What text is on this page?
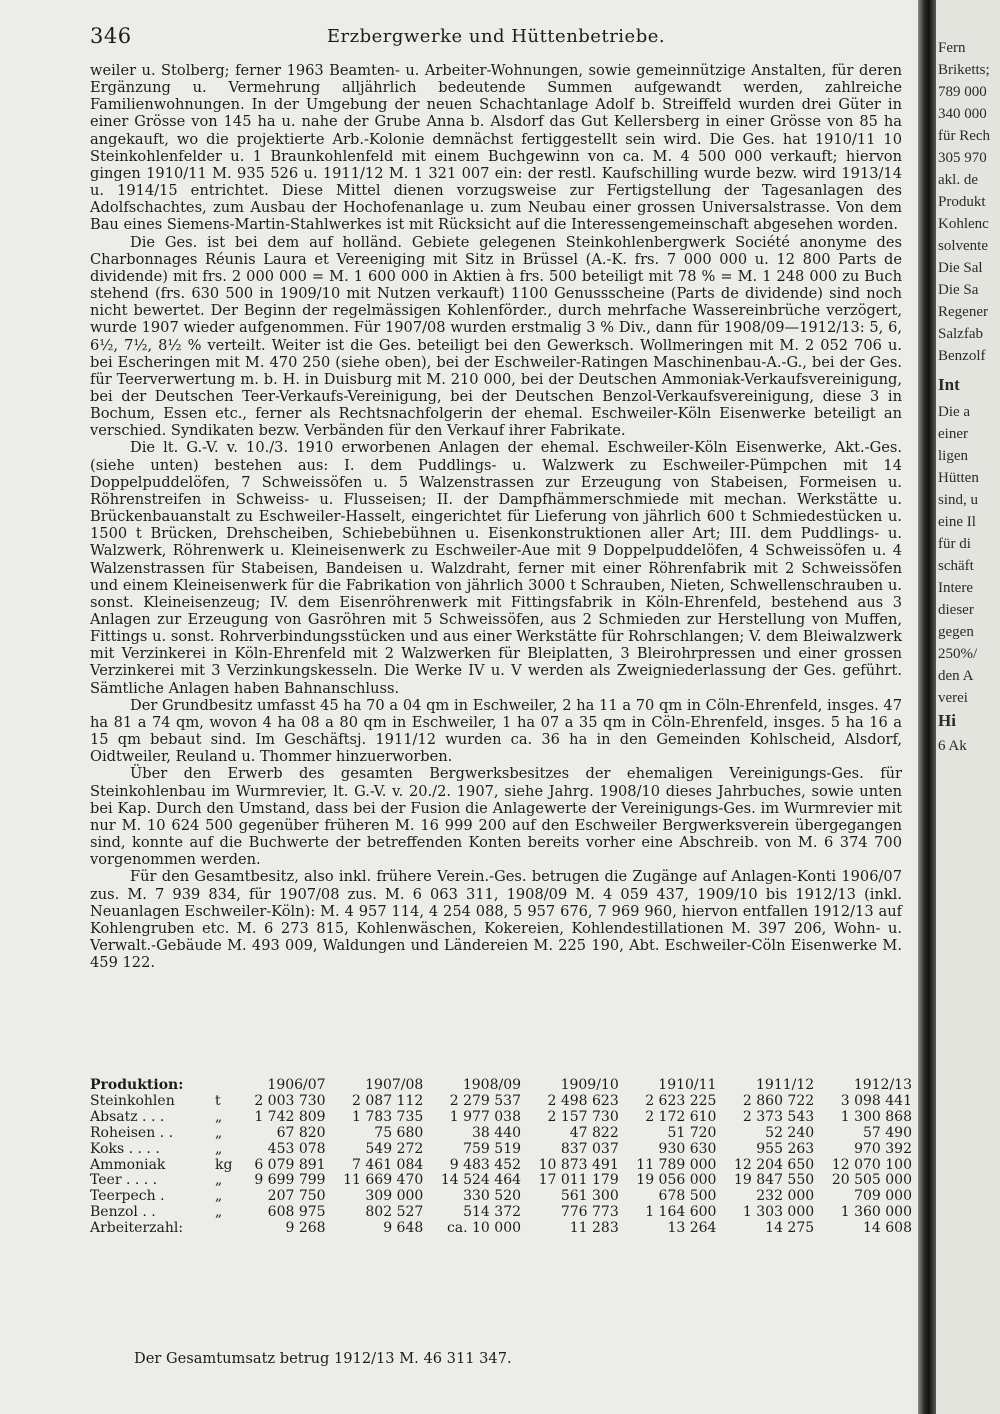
346	Erzbergwerke und Hüttenbetriebe.

weiler u. Stolberg; ferner 1963 Beamten- u. Arbeiter-Wohnungen, sowie gemeinnützige Anstalten, für deren Ergänzung u. Vermehrung alljährlich bedeutende Summen aufgewandt werden, zahlreiche Familienwohnungen. In der Umgebung der neuen Schachtanlage Adolf b. Streiffeld wurden drei Güter in einer Grösse von 145 ha u. nahe der Grube Anna b. Alsdorf das Gut Kellersberg in einer Grösse von 85 ha angekauft, wo die projektierte Arb.-Kolonie demnächst fertiggestellt sein wird. Die Ges. hat 1910/11 10 Steinkohlenfelder u. 1 Braunkohlenfeld mit einem Buchgewinn von ca. M. 4 500 000 verkauft; hiervon gingen 1910/11 M. 935 526 u. 1911/12 M. 1 321 007 ein: der restl. Kaufschilling wurde bezw. wird 1913/14 u. 1914/15 entrichtet. Diese Mittel dienen vorzugsweise zur Fertigstellung der Tagesanlagen des Adolfschachtes, zum Ausbau der Hochofenanlage u. zum Neubau einer grossen Universalstrasse. Von dem Bau eines Siemens-Martin-Stahlwerkes ist mit Rücksicht auf die Interessengemeinschaft abgesehen worden.

Die Ges. ist bei dem auf holländ. Gebiete gelegenen Steinkohlenbergwerk Société anonyme des Charbonnages Réunis Laura et Vereeniging mit Sitz in Brüssel (A.-K. frs. 7 000 000 u. 12 800 Parts de dividende) mit frs. 2 000 000 = M. 1 600 000 in Aktien à frs. 500 beteiligt mit 78 % = M. 1 248 000 zu Buch stehend (frs. 630 500 in 1909/10 mit Nutzen verkauft) 1100 Genussscheine (Parts de dividende) sind noch nicht bewertet. Der Beginn der regelmässigen Kohlenförder., durch mehrfache Wassereinbrüche verzögert, wurde 1907 wieder aufgenommen. Für 1907/08 wurden erstmalig 3 % Div., dann für 1908/09—1912/13: 5, 6, 6½, 7½, 8½ % verteilt. Weiter ist die Ges. beteiligt bei den Gewerksch. Wollmeringen mit M. 2 052 706 u. bei Escheringen mit M. 470 250 (siehe oben), bei der Eschweiler-Ratingen Maschinenbau-A.-G., bei der Ges. für Teerverwertung m. b. H. in Duisburg mit M. 210 000, bei der Deutschen Ammoniak-Verkaufsvereinigung, bei der Deutschen Teer-Verkaufs-Vereinigung, bei der Deutschen Benzol-Verkaufsvereinigung, diese 3 in Bochum, Essen etc., ferner als Rechtsnachfolgerin der ehemal. Eschweiler-Köln Eisenwerke beteiligt an verschied. Syndikaten bezw. Verbänden für den Verkauf ihrer Fabrikate.

Die lt. G.-V. v. 10./3. 1910 erworbenen Anlagen der ehemal. Eschweiler-Köln Eisenwerke, Akt.-Ges. (siehe unten) bestehen aus: I. dem Puddlings- u. Walzwerk zu Eschweiler-Pümpchen mit 14 Doppelpuddelöfen, 7 Schweissöfen u. 5 Walzenstrassen zur Erzeugung von Stabeisen, Formeisen u. Röhrenstreifen in Schweiss- u. Flusseisen; II. der Dampfhämmerschmiede mit mechan. Werkstätte u. Brückenbauanstalt zu Eschweiler-Hasselt, eingerichtet für Lieferung von jährlich 600 t Schmiedestücken u. 1500 t Brücken, Drehscheiben, Schiebebühnen u. Eisenkonstruktionen aller Art; III. dem Puddlings- u. Walzwerk, Röhrenwerk u. Kleineisenwerk zu Eschweiler-Aue mit 9 Doppelpuddelöfen, 4 Schweissöfen u. 4 Walzenstrassen für Stabeisen, Bandeisen u. Walzdraht, ferner mit einer Röhrenfabrik mit 2 Schweissöfen und einem Kleineisenwerk für die Fabrikation von jährlich 3000 t Schrauben, Nieten, Schwellenschrauben u. sonst. Kleineisenzeug; IV. dem Eisenröhrenwerk mit Fittingsfabrik in Köln-Ehrenfeld, bestehend aus 3 Anlagen zur Erzeugung von Gasröhren mit 5 Schweissöfen, aus 2 Schmieden zur Herstellung von Muffen, Fittings u. sonst. Rohrverbindungsstücken und aus einer Werkstätte für Rohrschlangen; V. dem Bleiwalzwerk mit Verzinkerei in Köln-Ehrenfeld mit 2 Walzwerken für Bleiplatten, 3 Bleirohrpressen und einer grossen Verzinkerei mit 3 Verzinkungskesseln. Die Werke IV u. V werden als Zweigniederlassung der Ges. geführt. Sämtliche Anlagen haben Bahnanschluss.

Der Grundbesitz umfasst 45 ha 70 a 04 qm in Eschweiler, 2 ha 11 a 70 qm in Cöln-Ehrenfeld, insges. 47 ha 81 a 74 qm, wovon 4 ha 08 a 80 qm in Eschweiler, 1 ha 07 a 35 qm in Cöln-Ehrenfeld, insges. 5 ha 16 a 15 qm bebaut sind. Im Geschäftsj. 1911/12 wurden ca. 36 ha in den Gemeinden Kohlscheid, Alsdorf, Oidtweiler, Reuland u. Thommer hinzuerworben.

Über den Erwerb des gesamten Bergwerksbesitzes der ehemaligen Vereinigungs-Ges. für Steinkohlenbau im Wurmrevier, lt. G.-V. v. 20./2. 1907, siehe Jahrg. 1908/10 dieses Jahrbuches, sowie unten bei Kap. Durch den Umstand, dass bei der Fusion die Anlagewerte der Vereinigungs-Ges. im Wurmrevier mit nur M. 10 624 500 gegenüber früheren M. 16 999 200 auf den Eschweiler Bergwerksverein übergegangen sind, konnte auf die Buchwerte der betreffenden Konten bereits vorher eine Abschreib. von M. 6 374 700 vorgenommen werden.

Für den Gesamtbesitz, also inkl. frühere Verein.-Ges. betrugen die Zugänge auf Anlagen-Konti 1906/07 zus. M. 7 939 834, für 1907/08 zus. M. 6 063 311, 1908/09 M. 4 059 437, 1909/10 bis 1912/13 (inkl. Neuanlagen Eschweiler-Köln): M. 4 957 114, 4 254 088, 5 957 676, 7 969 960, hiervon entfallen 1912/13 auf Kohlengruben etc. M. 6 273 815, Kohlenwäschen, Kokereien, Kohlendestillationen M. 397 206, Wohn- u. Verwalt.-Gebäude M. 493 009, Waldungen und Ländereien M. 225 190, Abt. Eschweiler-Cöln Eisenwerke M. 459 122.

Produktion:		1906/07	1907/08	1908/09	1909/10	1910/11	1911/12	1912/13
Steinkohlen	t	2 003 730	2 087 112	2 279 537	2 498 623	2 623 225	2 860 722	3 098 441
Absatz . . .	„	1 742 809	1 783 735	1 977 038	2 157 730	2 172 610	2 373 543	1 300 868
Roheisen . .	„	67 820	75 680	38 440	47 822	51 720	52 240	57 490
Koks . . . .	„	453 078	549 272	759 519	837 037	930 630	955 263	970 392
Ammoniak	kg	6 079 891	7 461 084	9 483 452	10 873 491	11 789 000	12 204 650	12 070 100
Teer . . . .	„	9 699 799	11 669 470	14 524 464	17 011 179	19 056 000	19 847 550	20 505 000
Teerpech .	„	207 750	309 000	330 520	561 300	678 500	232 000	709 000
Benzol . .	„	608 975	802 527	514 372	776 773	1 164 600	1 303 000	1 360 000
Arbeiterzahl:		9 268	9 648	ca. 10 000	11 283	13 264	14 275	14 608
Der Gesamtumsatz betrug 1912/13 M. 46 311 347.
Fern
Briketts;
789 000
340 000
für Rech
305 970
akl. de
Produkt
Kohlenc
solvente
Die Sal
Die Sa
Regener
Salzfab
Benzolf
Int
Die a
einer
ligen
Hütten
sind, u
eine Il
für di
schäft
Intere
dieser
gegen
250%/
den A
verei
Hi
6 Ak
